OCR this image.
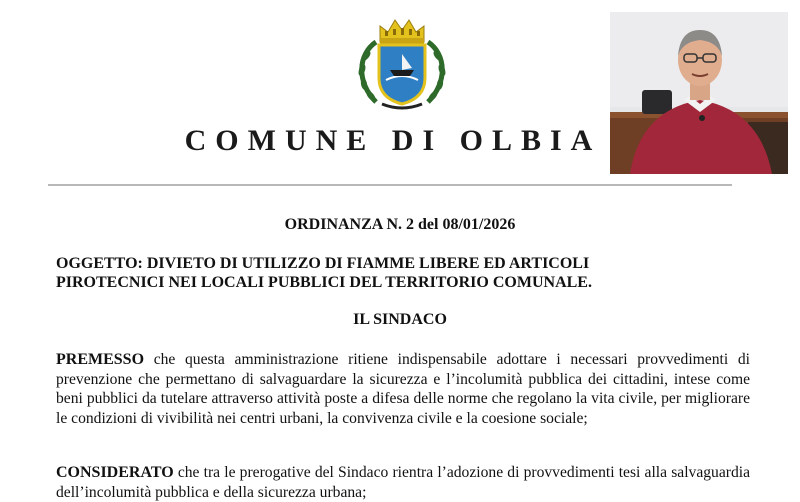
COMUNE DI OLBIA
ORDINANZA N. 2 del 08/01/2026
OGGETTO: DIVIETO DI UTILIZZO DI FIAMME LIBERE ED ARTICOLI
PIROTECNICI NEI LOCALI PUBBLICI DEL TERRITORIO COMUNALE.
IL SINDACO
PREMESSO che questa amministrazione ritiene indispensabile adottare i necessari provvedimenti di prevenzione che permettano di salvaguardare la sicurezza e l’incolumità pubblica dei cittadini, intese come beni pubblici da tutelare attraverso attività poste a difesa delle norme che regolano la vita civile, per migliorare le condizioni di vivibilità nei centri urbani, la convivenza civile e la coesione sociale;
CONSIDERATO che tra le prerogative del Sindaco rientra l’adozione di provvedimenti tesi alla salvaguardia dell’incolumità pubblica e della sicurezza urbana;
